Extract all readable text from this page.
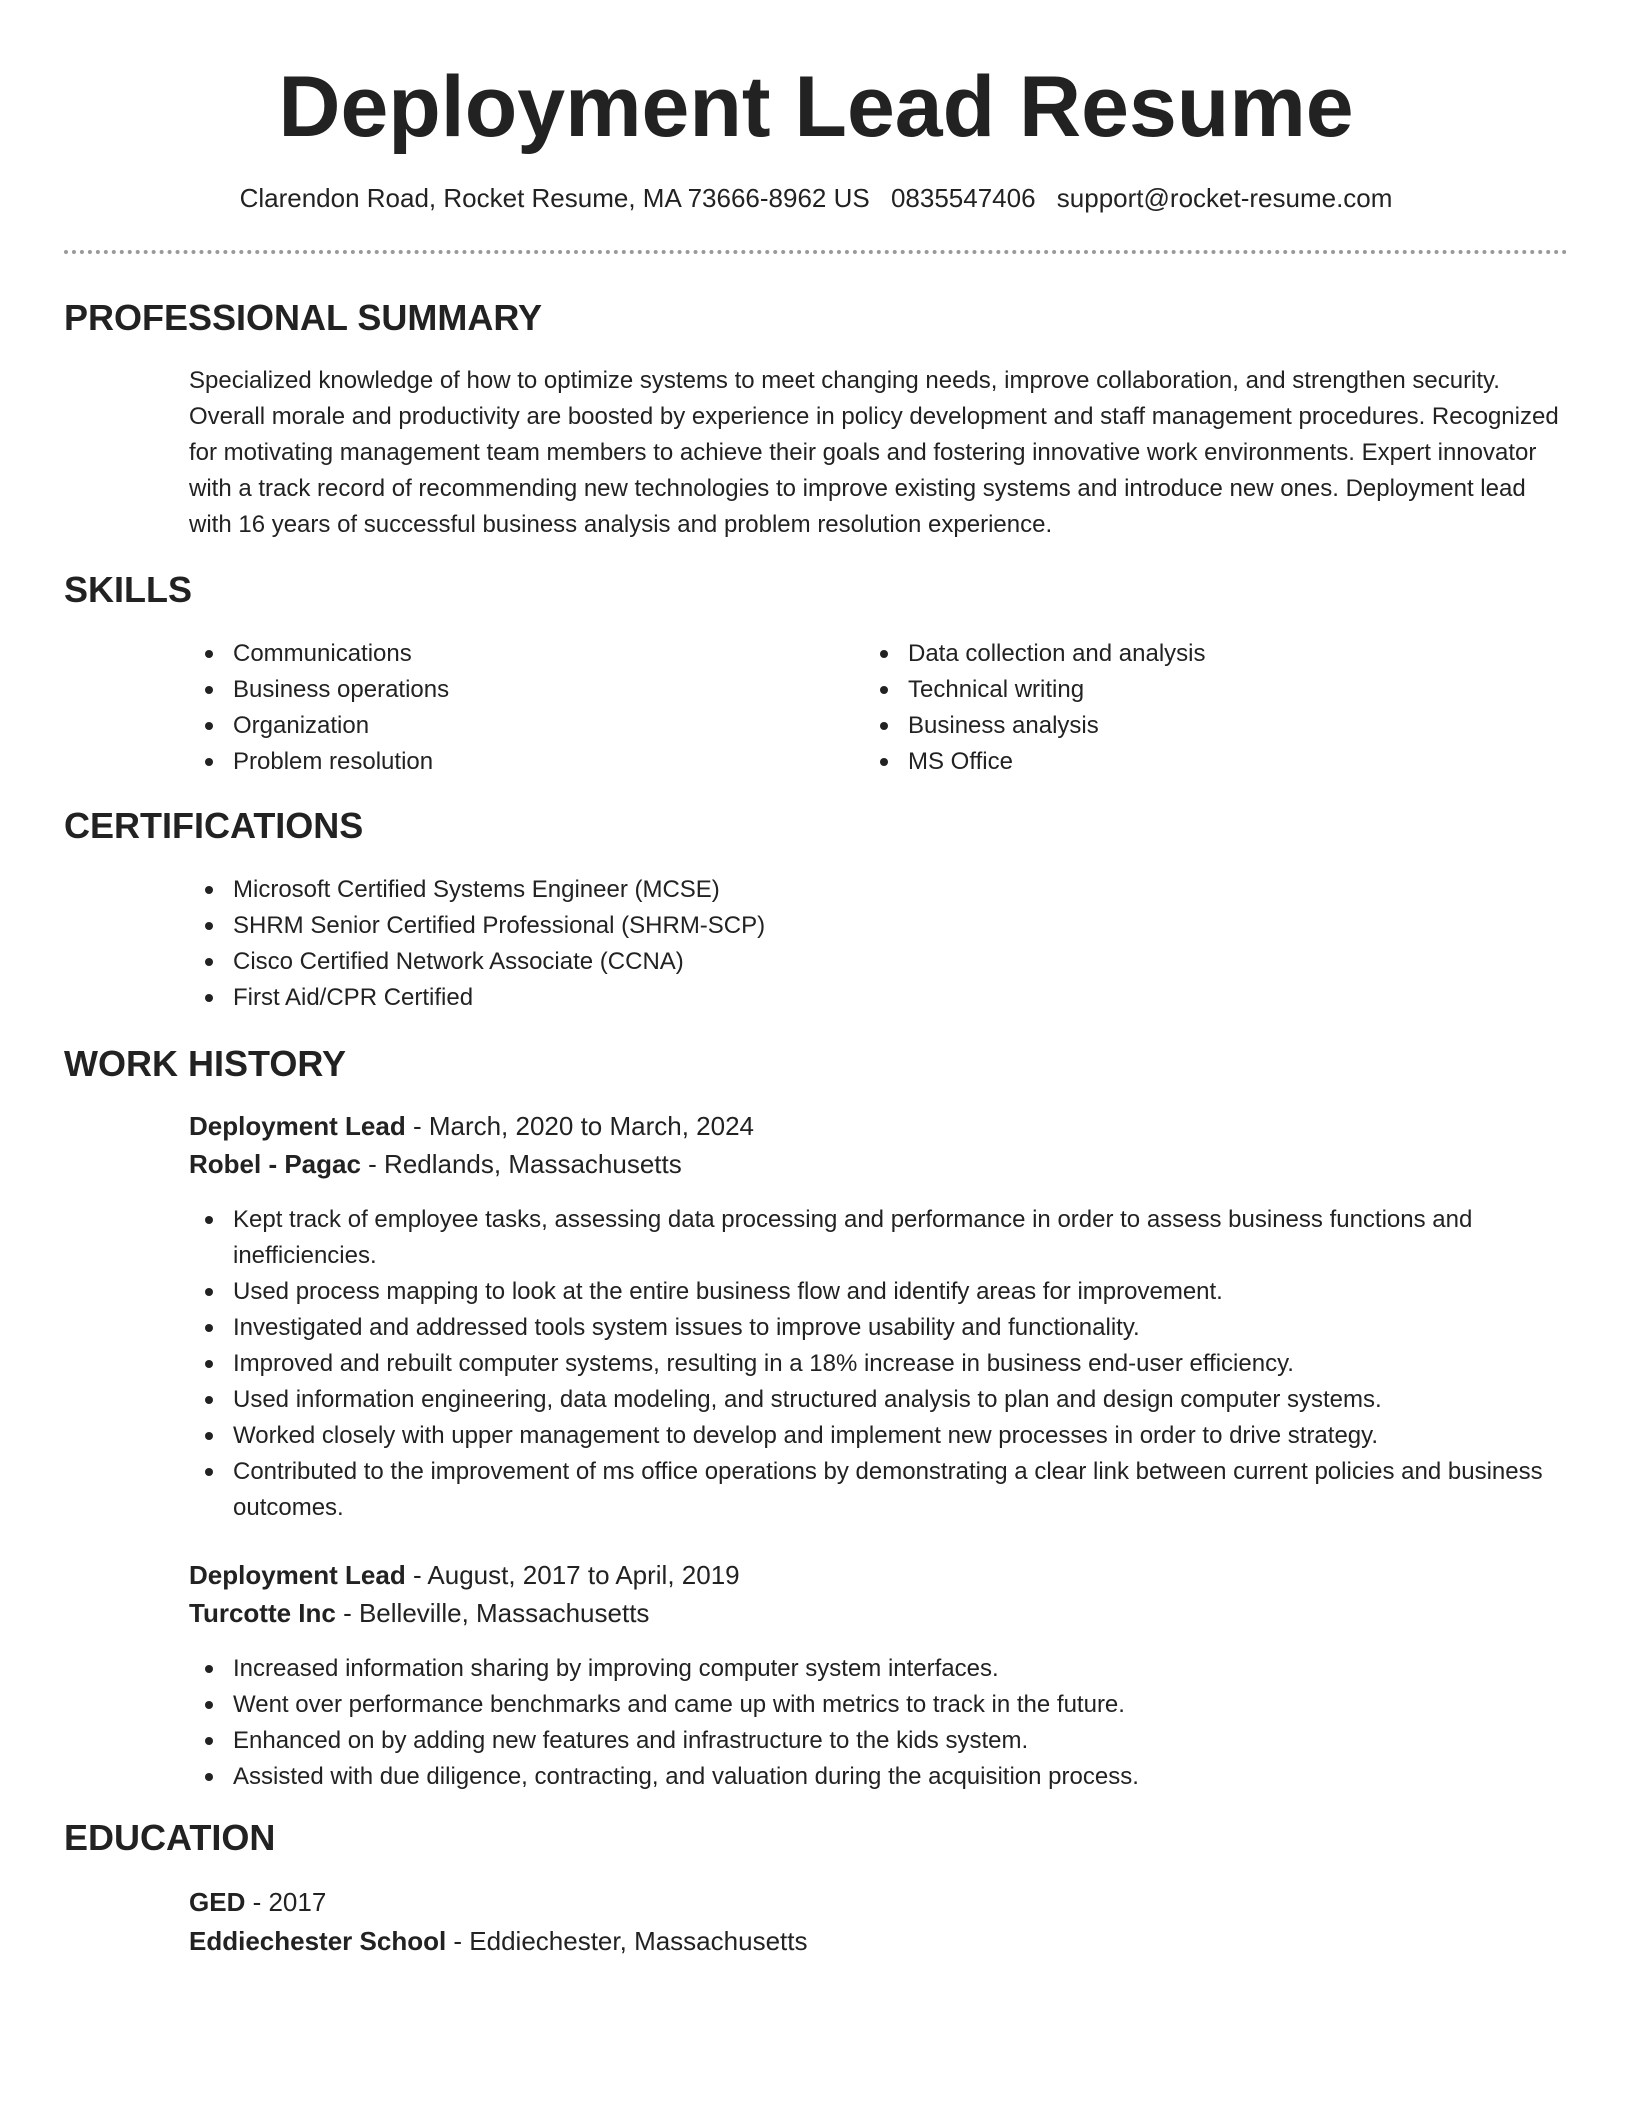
Deployment Lead Resume
Clarendon Road, Rocket Resume, MA 73666-8962 US 0835547406 support@rocket-resume.com
PROFESSIONAL SUMMARY
Specialized knowledge of how to optimize systems to meet changing needs, improve collaboration, and strengthen security. Overall morale and productivity are boosted by experience in policy development and staff management procedures. Recognized for motivating management team members to achieve their goals and fostering innovative work environments. Expert innovator with a track record of recommending new technologies to improve existing systems and introduce new ones. Deployment lead with 16 years of successful business analysis and problem resolution experience.
SKILLS
Communications
Business operations
Organization
Problem resolution
Data collection and analysis
Technical writing
Business analysis
MS Office
CERTIFICATIONS
Microsoft Certified Systems Engineer (MCSE)
SHRM Senior Certified Professional (SHRM-SCP)
Cisco Certified Network Associate (CCNA)
First Aid/CPR Certified
WORK HISTORY
Deployment Lead - March, 2020 to March, 2024
Robel - Pagac - Redlands, Massachusetts
Kept track of employee tasks, assessing data processing and performance in order to assess business functions and inefficiencies.
Used process mapping to look at the entire business flow and identify areas for improvement.
Investigated and addressed tools system issues to improve usability and functionality.
Improved and rebuilt computer systems, resulting in a 18% increase in business end-user efficiency.
Used information engineering, data modeling, and structured analysis to plan and design computer systems.
Worked closely with upper management to develop and implement new processes in order to drive strategy.
Contributed to the improvement of ms office operations by demonstrating a clear link between current policies and business outcomes.
Deployment Lead - August, 2017 to April, 2019
Turcotte Inc - Belleville, Massachusetts
Increased information sharing by improving computer system interfaces.
Went over performance benchmarks and came up with metrics to track in the future.
Enhanced on by adding new features and infrastructure to the kids system.
Assisted with due diligence, contracting, and valuation during the acquisition process.
EDUCATION
GED - 2017
Eddiechester School - Eddiechester, Massachusetts
